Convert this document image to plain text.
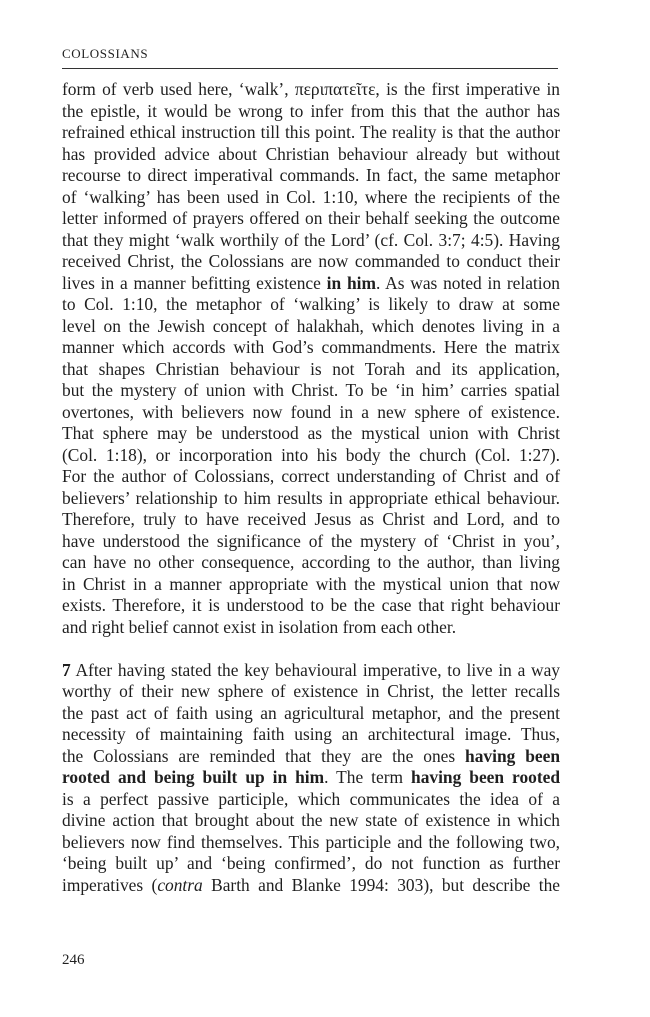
COLOSSIANS
form of verb used here, ‘walk’, περιπατεῖτε, is the first imperative in
the epistle, it would be wrong to infer from this that the author has
refrained ethical instruction till this point. The reality is that the author
has provided advice about Christian behaviour already but without
recourse to direct imperatival commands. In fact, the same metaphor
of ‘walking’ has been used in Col. 1:10, where the recipients of the
letter informed of prayers offered on their behalf seeking the outcome
that they might ‘walk worthily of the Lord’ (cf. Col. 3:7; 4:5). Having
received Christ, the Colossians are now commanded to conduct their
lives in a manner befitting existence in him. As was noted in relation
to Col. 1:10, the metaphor of ‘walking’ is likely to draw at some
level on the Jewish concept of halakhah, which denotes living in a
manner which accords with God’s commandments. Here the matrix
that shapes Christian behaviour is not Torah and its application,
but the mystery of union with Christ. To be ‘in him’ carries spatial
overtones, with believers now found in a new sphere of existence.
That sphere may be understood as the mystical union with Christ
(Col. 1:18), or incorporation into his body the church (Col. 1:27).
For the author of Colossians, correct understanding of Christ and of
believers’ relationship to him results in appropriate ethical behaviour.
Therefore, truly to have received Jesus as Christ and Lord, and to
have understood the significance of the mystery of ‘Christ in you’,
can have no other consequence, according to the author, than living
in Christ in a manner appropriate with the mystical union that now
exists. Therefore, it is understood to be the case that right behaviour
and right belief cannot exist in isolation from each other.
7 After having stated the key behavioural imperative, to live in a way
worthy of their new sphere of existence in Christ, the letter recalls
the past act of faith using an agricultural metaphor, and the present
necessity of maintaining faith using an architectural image. Thus,
the Colossians are reminded that they are the ones having been
rooted and being built up in him. The term having been rooted
is a perfect passive participle, which communicates the idea of a
divine action that brought about the new state of existence in which
believers now find themselves. This participle and the following two,
‘being built up’ and ‘being confirmed’, do not function as further
imperatives (contra Barth and Blanke 1994: 303), but describe the
246
